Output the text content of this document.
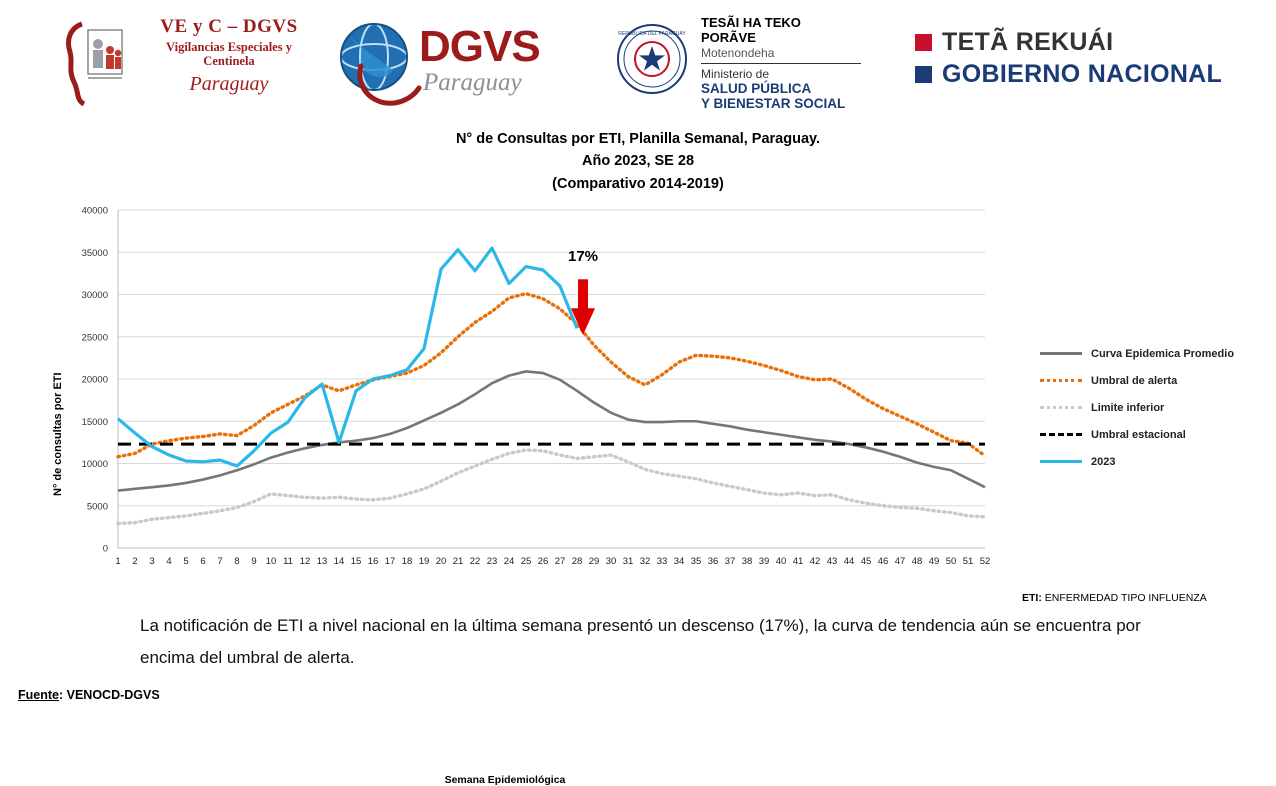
VE y C – DGVS
Vigilancias Especiales y
Centinela
Paraguay
DGVS
Paraguay
REPUBLICA DEL PARAGUAY
TESÃI HA TEKO
PORÃVE
Motenondeha
Ministerio de
SALUD PÚBLICA
Y BIENESTAR SOCIAL
TETÃ REKUÁI
GOBIERNO NACIONAL
N° de Consultas por ETI, Planilla Semanal, Paraguay.
Año 2023, SE 28
(Comparativo 2014-2019)
N° de consultas por ETI
Semana Epidemiológica
0
5000
10000
15000
20000
25000
30000
35000
40000
1 2 3 4 5 6 7 8 9 10 11 12 13 14 15 16 17 18 19 20 21 22 23 24 25 26 27 28 29 30 31 32 33 34 35 36 37 38 39 40 41 42 43 44 45 46 47 48 49 50 51 52
17%
Curva Epidemica Promedio
Umbral de alerta
Limite inferior
Umbral estacional
2023
ETI: ENFERMEDAD TIPO INFLUENZA
La notificación de ETI a nivel nacional en la última semana presentó un descenso (17%), la curva de tendencia aún se encuentra por encima del umbral de alerta.
Fuente: VENOCD-DGVS
